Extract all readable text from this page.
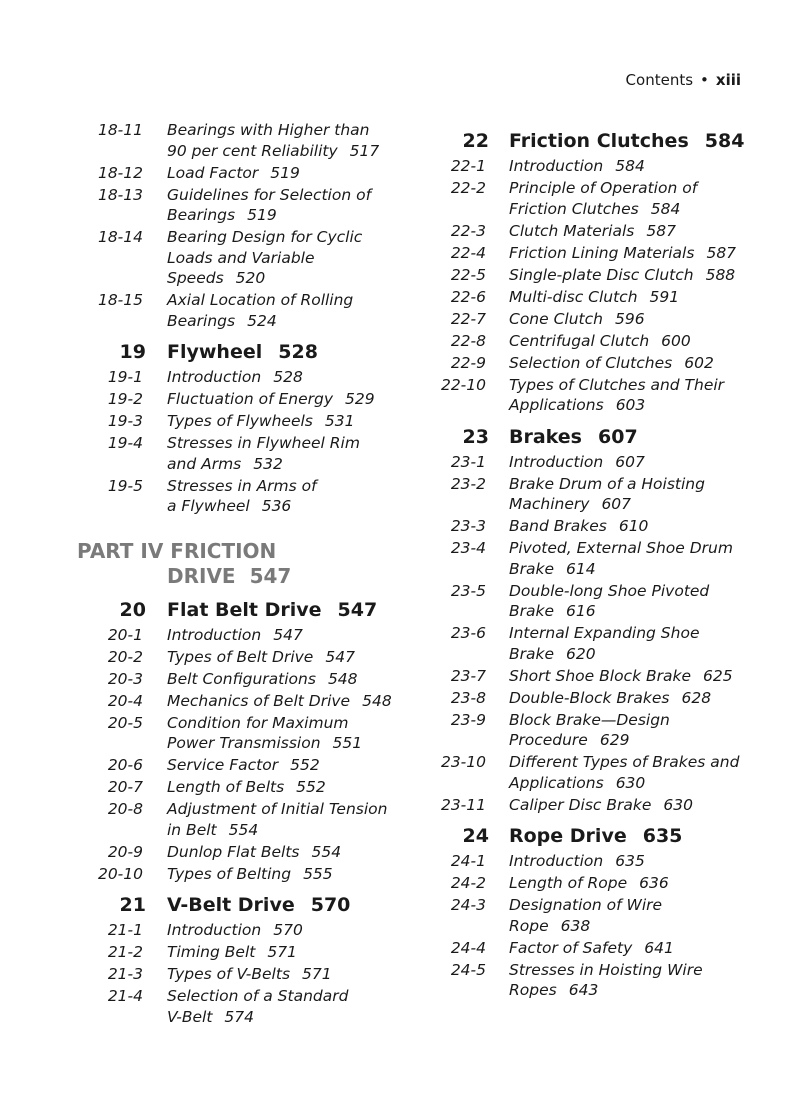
Contents • xiii
18-11 Bearings with Higher than
90 per cent Reliability 517
18-12 Load Factor 519
18-13 Guidelines for Selection of
Bearings 519
18-14 Bearing Design for Cyclic
Loads and Variable
Speeds 520
18-15 Axial Location of Rolling
Bearings 524
19 Flywheel 528
19-1 Introduction 528
19-2 Fluctuation of Energy 529
19-3 Types of Flywheels 531
19-4 Stresses in Flywheel Rim
and Arms 532
19-5 Stresses in Arms of
a Flywheel 536
PART IV FRICTION
DRIVE 547
20 Flat Belt Drive 547
20-1 Introduction 547
20-2 Types of Belt Drive 547
20-3 Belt Configurations 548
20-4 Mechanics of Belt Drive 548
20-5 Condition for Maximum
Power Transmission 551
20-6 Service Factor 552
20-7 Length of Belts 552
20-8 Adjustment of Initial Tension
in Belt 554
20-9 Dunlop Flat Belts 554
20-10 Types of Belting 555
21 V-Belt Drive 570
21-1 Introduction 570
21-2 Timing Belt 571
21-3 Types of V-Belts 571
21-4 Selection of a Standard
V-Belt 574
22 Friction Clutches 584
22-1 Introduction 584
22-2 Principle of Operation of
Friction Clutches 584
22-3 Clutch Materials 587
22-4 Friction Lining Materials 587
22-5 Single-plate Disc Clutch 588
22-6 Multi-disc Clutch 591
22-7 Cone Clutch 596
22-8 Centrifugal Clutch 600
22-9 Selection of Clutches 602
22-10 Types of Clutches and Their
Applications 603
23 Brakes 607
23-1 Introduction 607
23-2 Brake Drum of a Hoisting
Machinery 607
23-3 Band Brakes 610
23-4 Pivoted, External Shoe Drum
Brake 614
23-5 Double-long Shoe Pivoted
Brake 616
23-6 Internal Expanding Shoe
Brake 620
23-7 Short Shoe Block Brake 625
23-8 Double-Block Brakes 628
23-9 Block Brake—Design
Procedure 629
23-10 Different Types of Brakes and
Applications 630
23-11 Caliper Disc Brake 630
24 Rope Drive 635
24-1 Introduction 635
24-2 Length of Rope 636
24-3 Designation of Wire
Rope 638
24-4 Factor of Safety 641
24-5 Stresses in Hoisting Wire
Ropes 643
